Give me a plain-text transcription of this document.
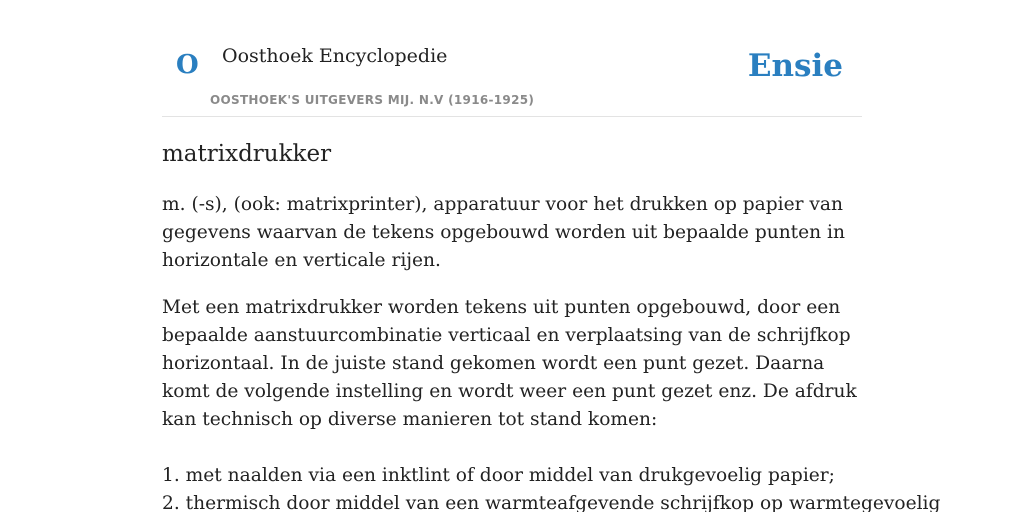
O Oosthoek Encyclopedie
OOSTHOEK'S UITGEVERS MIJ. N.V (1916-1925)
Ensie
matrixdrukker

m. (-s), (ook: matrixprinter), apparatuur voor het drukken op papier van gegevens waarvan de tekens opgebouwd worden uit bepaalde punten in horizontale en verticale rijen.

Met een matrixdrukker worden tekens uit punten opgebouwd, door een bepaalde aanstuurcombinatie verticaal en verplaatsing van de schrijfkop horizontaal. In de juiste stand gekomen wordt een punt gezet. Daarna komt de volgende instelling en wordt weer een punt gezet enz. De afdruk kan technisch op diverse manieren tot stand komen:

1. met naalden via een inktlint of door middel van drukgevoelig papier;
2. thermisch door middel van een warmteafgevende schrijfkop op warmtegevoelig
